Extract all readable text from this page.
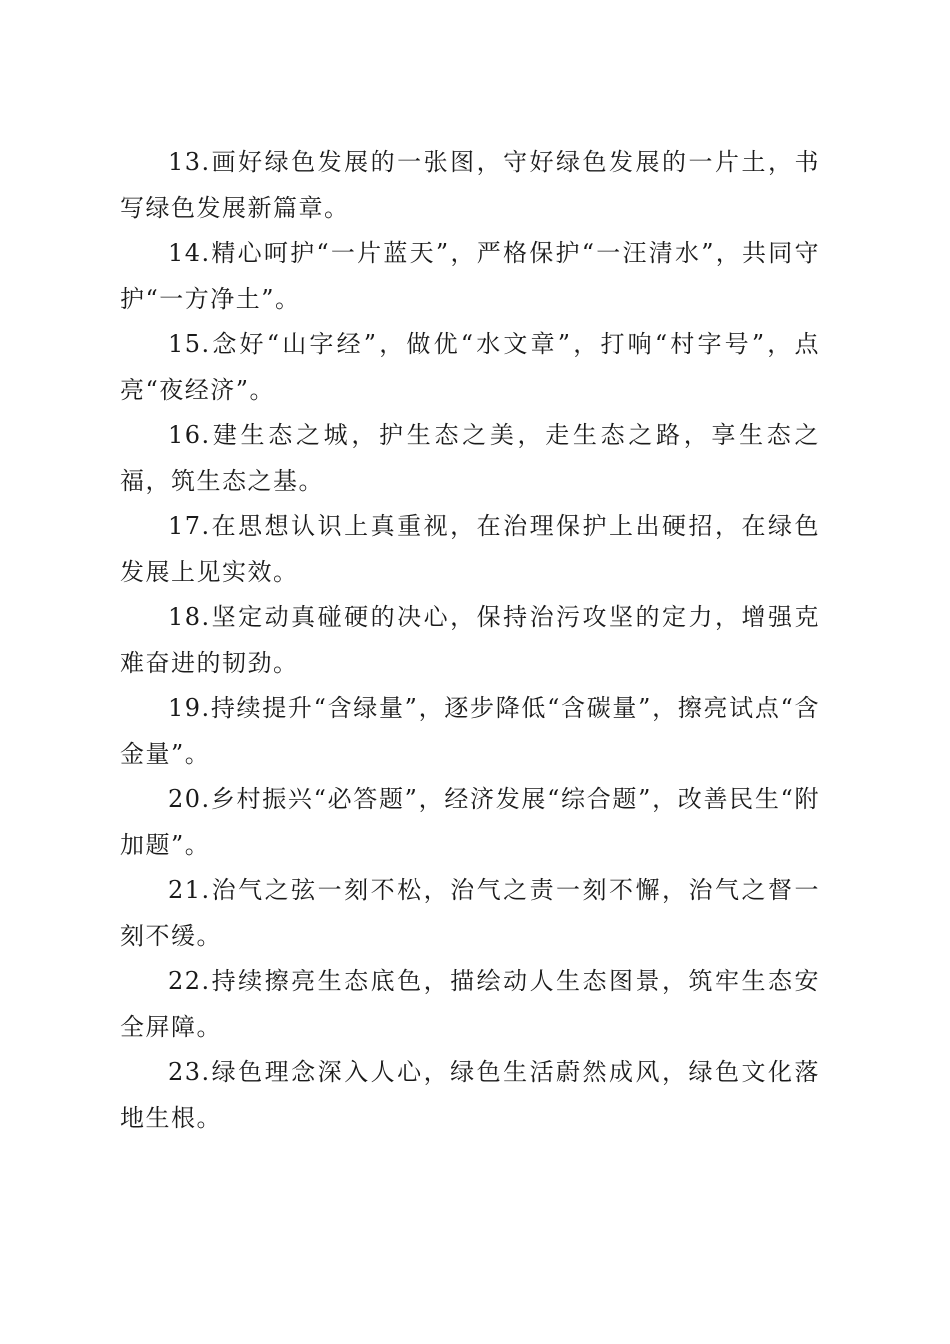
13.画好绿色发展的一张图，守好绿色发展的一片土，书写绿色发展新篇章。

14.精心呵护“一片蓝天”，严格保护“一汪清水”，共同守护“一方净土”。

15.念好“山字经”，做优“水文章”，打响“村字号”，点亮“夜经济”。

16.建生态之城，护生态之美，走生态之路，享生态之福，筑生态之基。

17.在思想认识上真重视，在治理保护上出硬招，在绿色发展上见实效。

18.坚定动真碰硬的决心，保持治污攻坚的定力，增强克难奋进的韧劲。

19.持续提升“含绿量”，逐步降低“含碳量”，擦亮试点“含金量”。

20.乡村振兴“必答题”，经济发展“综合题”，改善民生“附加题”。

21.治气之弦一刻不松，治气之责一刻不懈，治气之督一刻不缓。

22.持续擦亮生态底色，描绘动人生态图景，筑牢生态安全屏障。

23.绿色理念深入人心，绿色生活蔚然成风，绿色文化落地生根。
